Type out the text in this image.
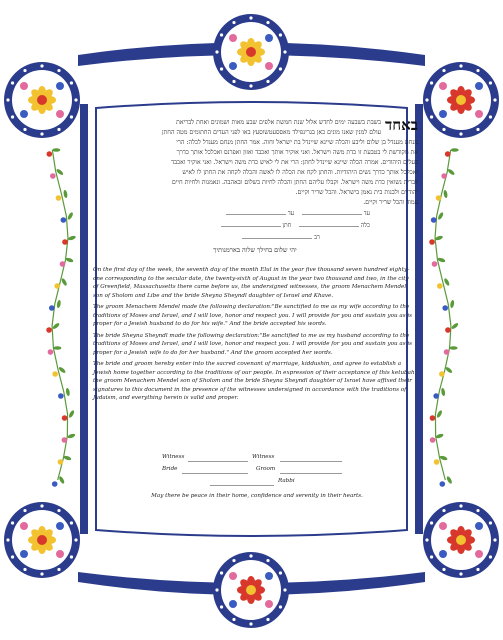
באחד
בשבת בשבעה ימים לחדש אלול שנת חמשת אלפים שבע מאות ושמונים ואחת לבריאת
עולם למנין שאנו מונים כאן בגרינפילד מאססעטשוסעץ באו לפני העדים החתומים מטה החתן
מנחם מענדל בן שלום וליבע והכלה שיינא שיינדל בת ישראל וחוה. אמר החתן מנחם מענדל לכלה: הרי
את מקודשת לי בטבעת זו כדת משה וישראל. ואני אוקיר אותך ואכבד ואזון ואפרנס ואכלכל אותך כדרך
בעלים היהודים. אמרה הכלה שיינא שיינדל לחתן: הרי את לי לאיש כדת משה וישראל. ואני אוקיר ואכבד
ואכלכל אותך כדרך נשים היהודיות. והחתן לקח את הכלה לו לאשה והכלה לקחה את החתן לו לאיש
לברית נשואין כדת משה וישראל. וקבלו עליהם החתן והכלה לחיות בשלום ובאהבה. ונאמנות ולחיות חיים
יהודיים ולבנות בית נאמן בישראל. והכל שריר וקיים.
עמוד והכל שריר וקיים.
עד     עד
כלה     חתן
רב
יהי שלום בחילך שלוה בארמנותיך

On the first day of the week, the seventh day of the month Elul in the year five thousand seven hundred eighty-one corresponding to the secular date, the twenty-sixth of August in the year two thousand and two, in the city of Greenfield, Massachusetts there came before us, the undersigned witnesses, the groom Menachem Mendel son of Sholom and Libe and the bride Sheyna Sheyndl daughter of Israel and Khave.

The groom Menachem Mendel made the following declaration:"Be sanctified to me as my wife according to the traditions of Moses and Israel, and I will love, honor and respect you. I will provide for you and sustain you as is proper for a Jewish husband to do for his wife." And the bride accepted his words.

The bride Sheyna Sheyndl made the following declaration:"Be sanctified to me as my husband according to the traditions of Moses and Israel, and I will love, honor and respect you. I will provide for you and sustain you as is proper for a Jewish wife to do for her husband." And the groom accepted her words.

The bride and groom hereby enter into the sacred covenant of marriage, kiddushin, and agree to establish a Jewish home together according to the traditions of our people. In expression of their acceptance of this ketubah the groom Menachem Mendel son of Sholom and the bride Sheyna Sheyndl daughter of Israel have affixed their signatures to this document in the presence of the witnesses undersigned in accordance with the traditions of Judaism, and everything herein is valid and proper.

Witness	Witness
Bride	Groom
Rabbi
May there be peace in their home, confidence and serenity in their hearts.
